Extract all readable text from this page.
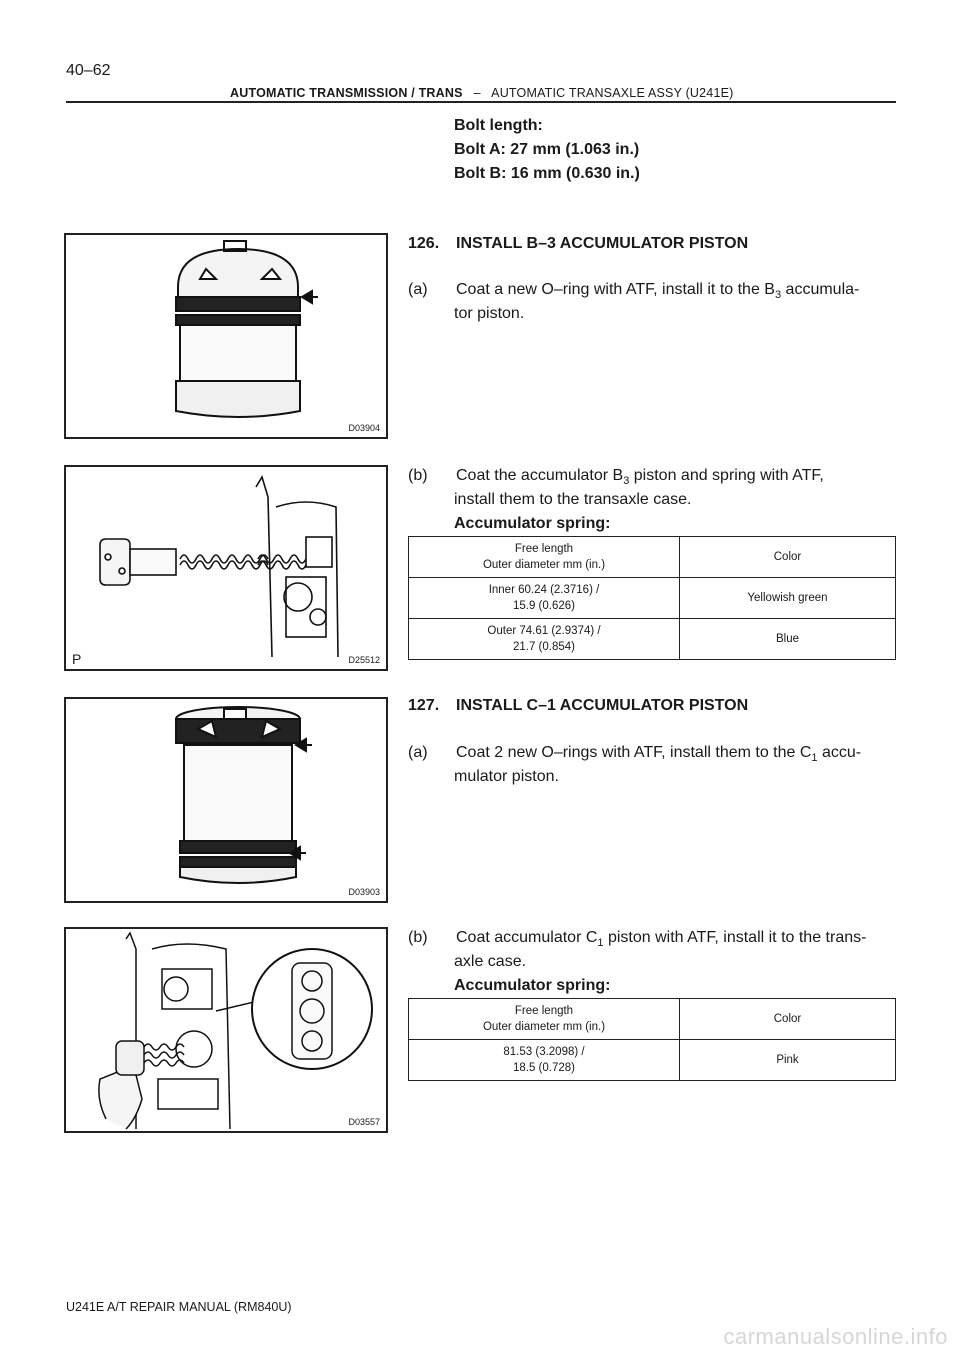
40–62
AUTOMATIC TRANSMISSION / TRANS – AUTOMATIC TRANSAXLE ASSY (U241E)
Bolt length:
Bolt A: 27 mm (1.063 in.)
Bolt B: 16 mm (0.630 in.)
D03904
P	D25512
D03903
D03557
126. INSTALL B–3 ACCUMULATOR PISTON
(a) Coat a new O–ring with ATF, install it to the $B_3$ accumula-
tor piston.
(b) Coat the accumulator $B_3$ piston and spring with ATF,
install them to the transaxle case.
Accumulator spring:
Free length
Outer diameter mm (in.)	Color
Inner 60.24 (2.3716) /
15.9 (0.626)	Yellowish green
Outer 74.61 (2.9374) /
21.7 (0.854)	Blue
127. INSTALL C–1 ACCUMULATOR PISTON
(a) Coat 2 new O–rings with ATF, install them to the $C_1$ accu-
mulator piston.
(b) Coat accumulator $C_1$ piston with ATF, install it to the trans-
axle case.
Accumulator spring:
Free length
Outer diameter mm (in.)	Color
81.53 (3.2098) /
18.5 (0.728)	Pink
U241E A/T REPAIR MANUAL (RM840U)
carmanualsonline.info
